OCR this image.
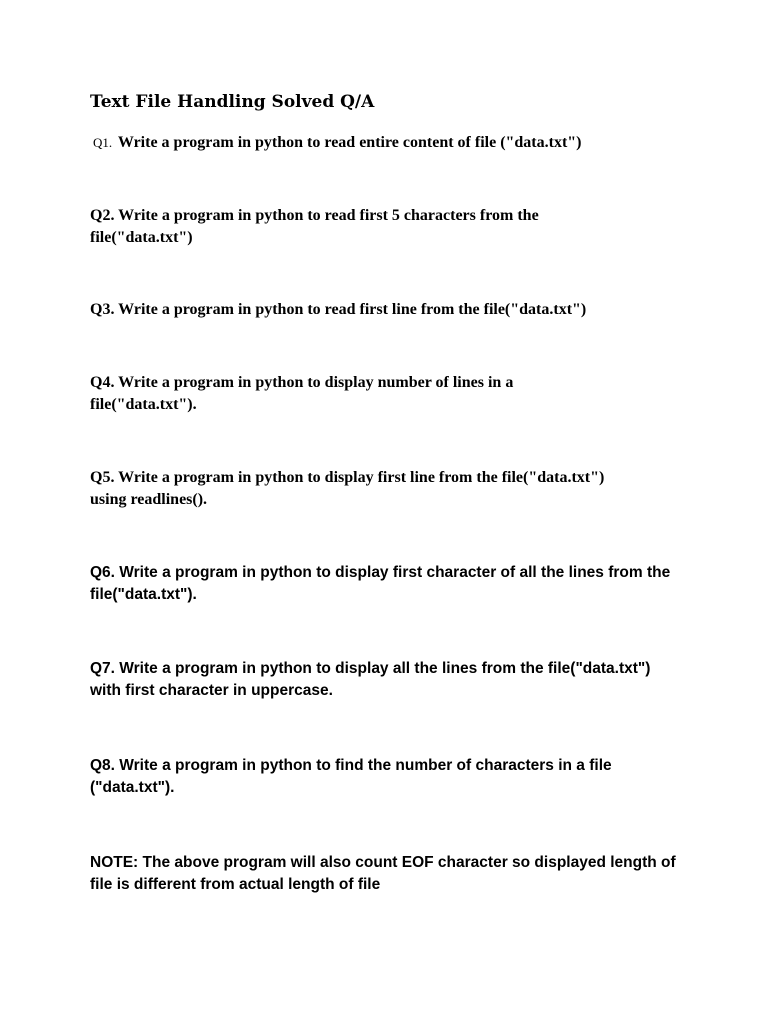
Text File Handling Solved Q/A

Q1. Write a program in python to read entire content of file ("data.txt")

Q2. Write a program in python to read first 5 characters from the
file("data.txt")

Q3. Write a program in python to read first line from the file("data.txt")

Q4. Write a program in python to display number of lines in a
file("data.txt").

Q5. Write a program in python to display first line from the file("data.txt")
using readlines().

Q6. Write a program in python to display first character of all the lines from the
file("data.txt").

Q7. Write a program in python to display all the lines from the file("data.txt")
with first character in uppercase.

Q8. Write a program in python to find the number of characters in a file
("data.txt").

NOTE: The above program will also count EOF character so displayed length of
file is different from actual length of file
